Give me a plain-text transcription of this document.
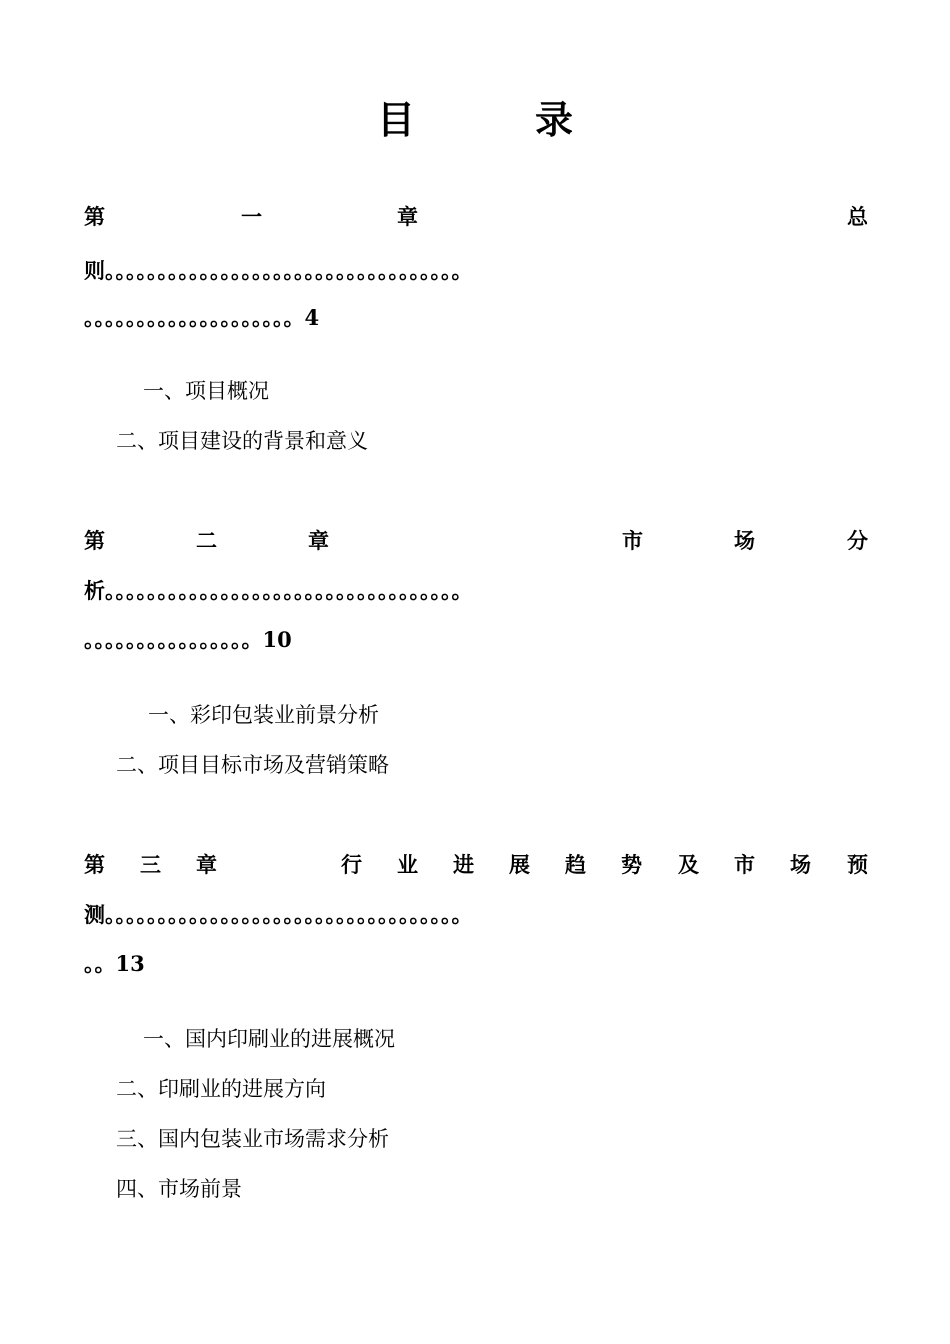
目	录
第	一	章	总
则。。。。。。。。。。。。。。。。。。。。。。。。。。。。。。。。。。
。。。。。。。。。。。。。。。。。。。。4
一、项目概况
二、项目建设的背景和意义
第	二	章	市	场	分
析。。。。。。。。。。。。。。。。。。。。。。。。。。。。。。。。。。
。。。。。。。。。。。。。。。。10
一、彩印包装业前景分析
二、项目目标市场及营销策略
第 三 章	行 业 进 展 趋 势 及 市 场 预
测。。。。。。。。。。。。。。。。。。。。。。。。。。。。。。。。。。
。。13
一、国内印刷业的进展概况
二、印刷业的进展方向
三、国内包装业市场需求分析
四、市场前景
